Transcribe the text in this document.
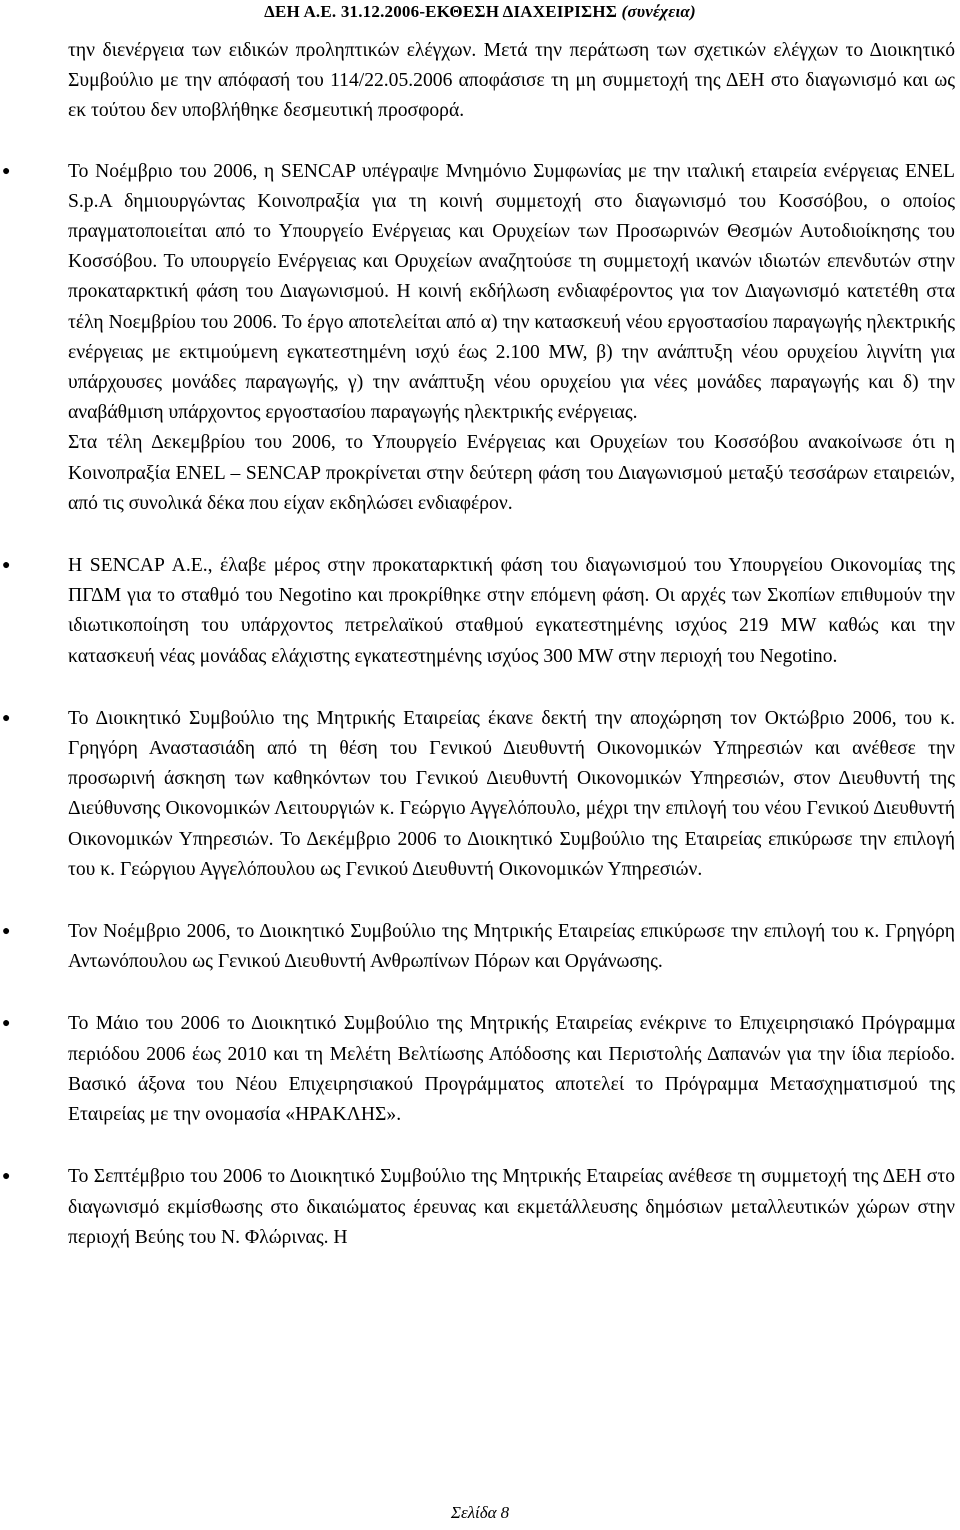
ΔΕΗ Α.Ε. 31.12.2006-ΕΚΘΕΣΗ ΔΙΑΧΕΙΡΙΣΗΣ (συνέχεια)

την διενέργεια των ειδικών προληπτικών ελέγχων. Μετά την περάτωση των σχετικών ελέγχων το Διοικητικό Συμβούλιο με την απόφασή του 114/22.05.2006 αποφάσισε τη μη συμμετοχή της ΔΕΗ στο διαγωνισμό και ως εκ τούτου δεν υποβλήθηκε δεσμευτική προσφορά.

● Το Νοέμβριο του 2006, η SENCAP υπέγραψε Μνημόνιο Συμφωνίας με την ιταλική εταιρεία ενέργειας ENEL S.p.A δημιουργώντας Κοινοπραξία για τη κοινή συμμετοχή στο διαγωνισμό του Κοσσόβου, ο οποίος πραγματοποιείται από το Υπουργείο Ενέργειας και Ορυχείων των Προσωρινών Θεσμών Αυτοδιοίκησης του Κοσσόβου. Το υπουργείο Ενέργειας και Ορυχείων αναζητούσε τη συμμετοχή ικανών ιδιωτών επενδυτών στην προκαταρκτική φάση του Διαγωνισμού. Η κοινή εκδήλωση ενδιαφέροντος για τον Διαγωνισμό κατετέθη στα τέλη Νοεμβρίου του 2006. Το έργο αποτελείται από α) την κατασκευή νέου εργοστασίου παραγωγής ηλεκτρικής ενέργειας με εκτιμούμενη εγκατεστημένη ισχύ έως 2.100 MW, β) την ανάπτυξη νέου ορυχείου λιγνίτη για υπάρχουσες μονάδες παραγωγής, γ) την ανάπτυξη νέου ορυχείου για νέες μονάδες παραγωγής και δ) την αναβάθμιση υπάρχοντος εργοστασίου παραγωγής ηλεκτρικής ενέργειας.

Στα τέλη Δεκεμβρίου του 2006, το Υπουργείο Ενέργειας και Ορυχείων του Κοσσόβου ανακοίνωσε ότι η Κοινοπραξία ENEL – SENCAP προκρίνεται στην δεύτερη φάση του Διαγωνισμού μεταξύ τεσσάρων εταιρειών, από τις συνολικά δέκα που είχαν εκδηλώσει ενδιαφέρον.

● Η SENCAP Α.Ε., έλαβε μέρος στην προκαταρκτική φάση του διαγωνισμού του Υπουργείου Οικονομίας της ΠΓΔΜ για το σταθμό του Negotino και προκρίθηκε στην επόμενη φάση. Οι αρχές των Σκοπίων επιθυμούν την ιδιωτικοποίηση του υπάρχοντος πετρελαϊκού σταθμού εγκατεστημένης ισχύος 219 MW καθώς και την κατασκευή νέας μονάδας ελάχιστης εγκατεστημένης ισχύος 300 MW στην περιοχή του Negotino.

● Το Διοικητικό Συμβούλιο της Μητρικής Εταιρείας έκανε δεκτή την αποχώρηση τον Οκτώβριο 2006, του κ. Γρηγόρη Αναστασιάδη από τη θέση του Γενικού Διευθυντή Οικονομικών Υπηρεσιών και ανέθεσε την προσωρινή άσκηση των καθηκόντων του Γενικού Διευθυντή Οικονομικών Υπηρεσιών, στον Διευθυντή της Διεύθυνσης Οικονομικών Λειτουργιών κ. Γεώργιο Αγγελόπουλο, μέχρι την επιλογή του νέου Γενικού Διευθυντή Οικονομικών Υπηρεσιών. Το Δεκέμβριο 2006 το Διοικητικό Συμβούλιο της Εταιρείας επικύρωσε την επιλογή του κ. Γεώργιου Αγγελόπουλου ως Γενικού Διευθυντή Οικονομικών Υπηρεσιών.

● Τον Νοέμβριο 2006, το Διοικητικό Συμβούλιο της Μητρικής Εταιρείας επικύρωσε την επιλογή του κ. Γρηγόρη Αντωνόπουλου ως Γενικού Διευθυντή Ανθρωπίνων Πόρων και Οργάνωσης.

● Το Μάιο του 2006 το Διοικητικό Συμβούλιο της Μητρικής Εταιρείας ενέκρινε το Επιχειρησιακό Πρόγραμμα περιόδου 2006 έως 2010 και τη Μελέτη Βελτίωσης Απόδοσης και Περιστολής Δαπανών για την ίδια περίοδο. Βασικό άξονα του Νέου Επιχειρησιακού Προγράμματος αποτελεί το Πρόγραμμα Μετασχηματισμού της Εταιρείας με την ονομασία «ΗΡΑΚΛΗΣ».

● Το Σεπτέμβριο του 2006 το Διοικητικό Συμβούλιο της Μητρικής Εταιρείας ανέθεσε τη συμμετοχή της ΔΕΗ στο διαγωνισμό εκμίσθωσης στο δικαιώματος έρευνας και εκμετάλλευσης δημόσιων μεταλλευτικών χώρων στην περιοχή Βεύης του Ν. Φλώρινας. Η

Σελίδα 8
